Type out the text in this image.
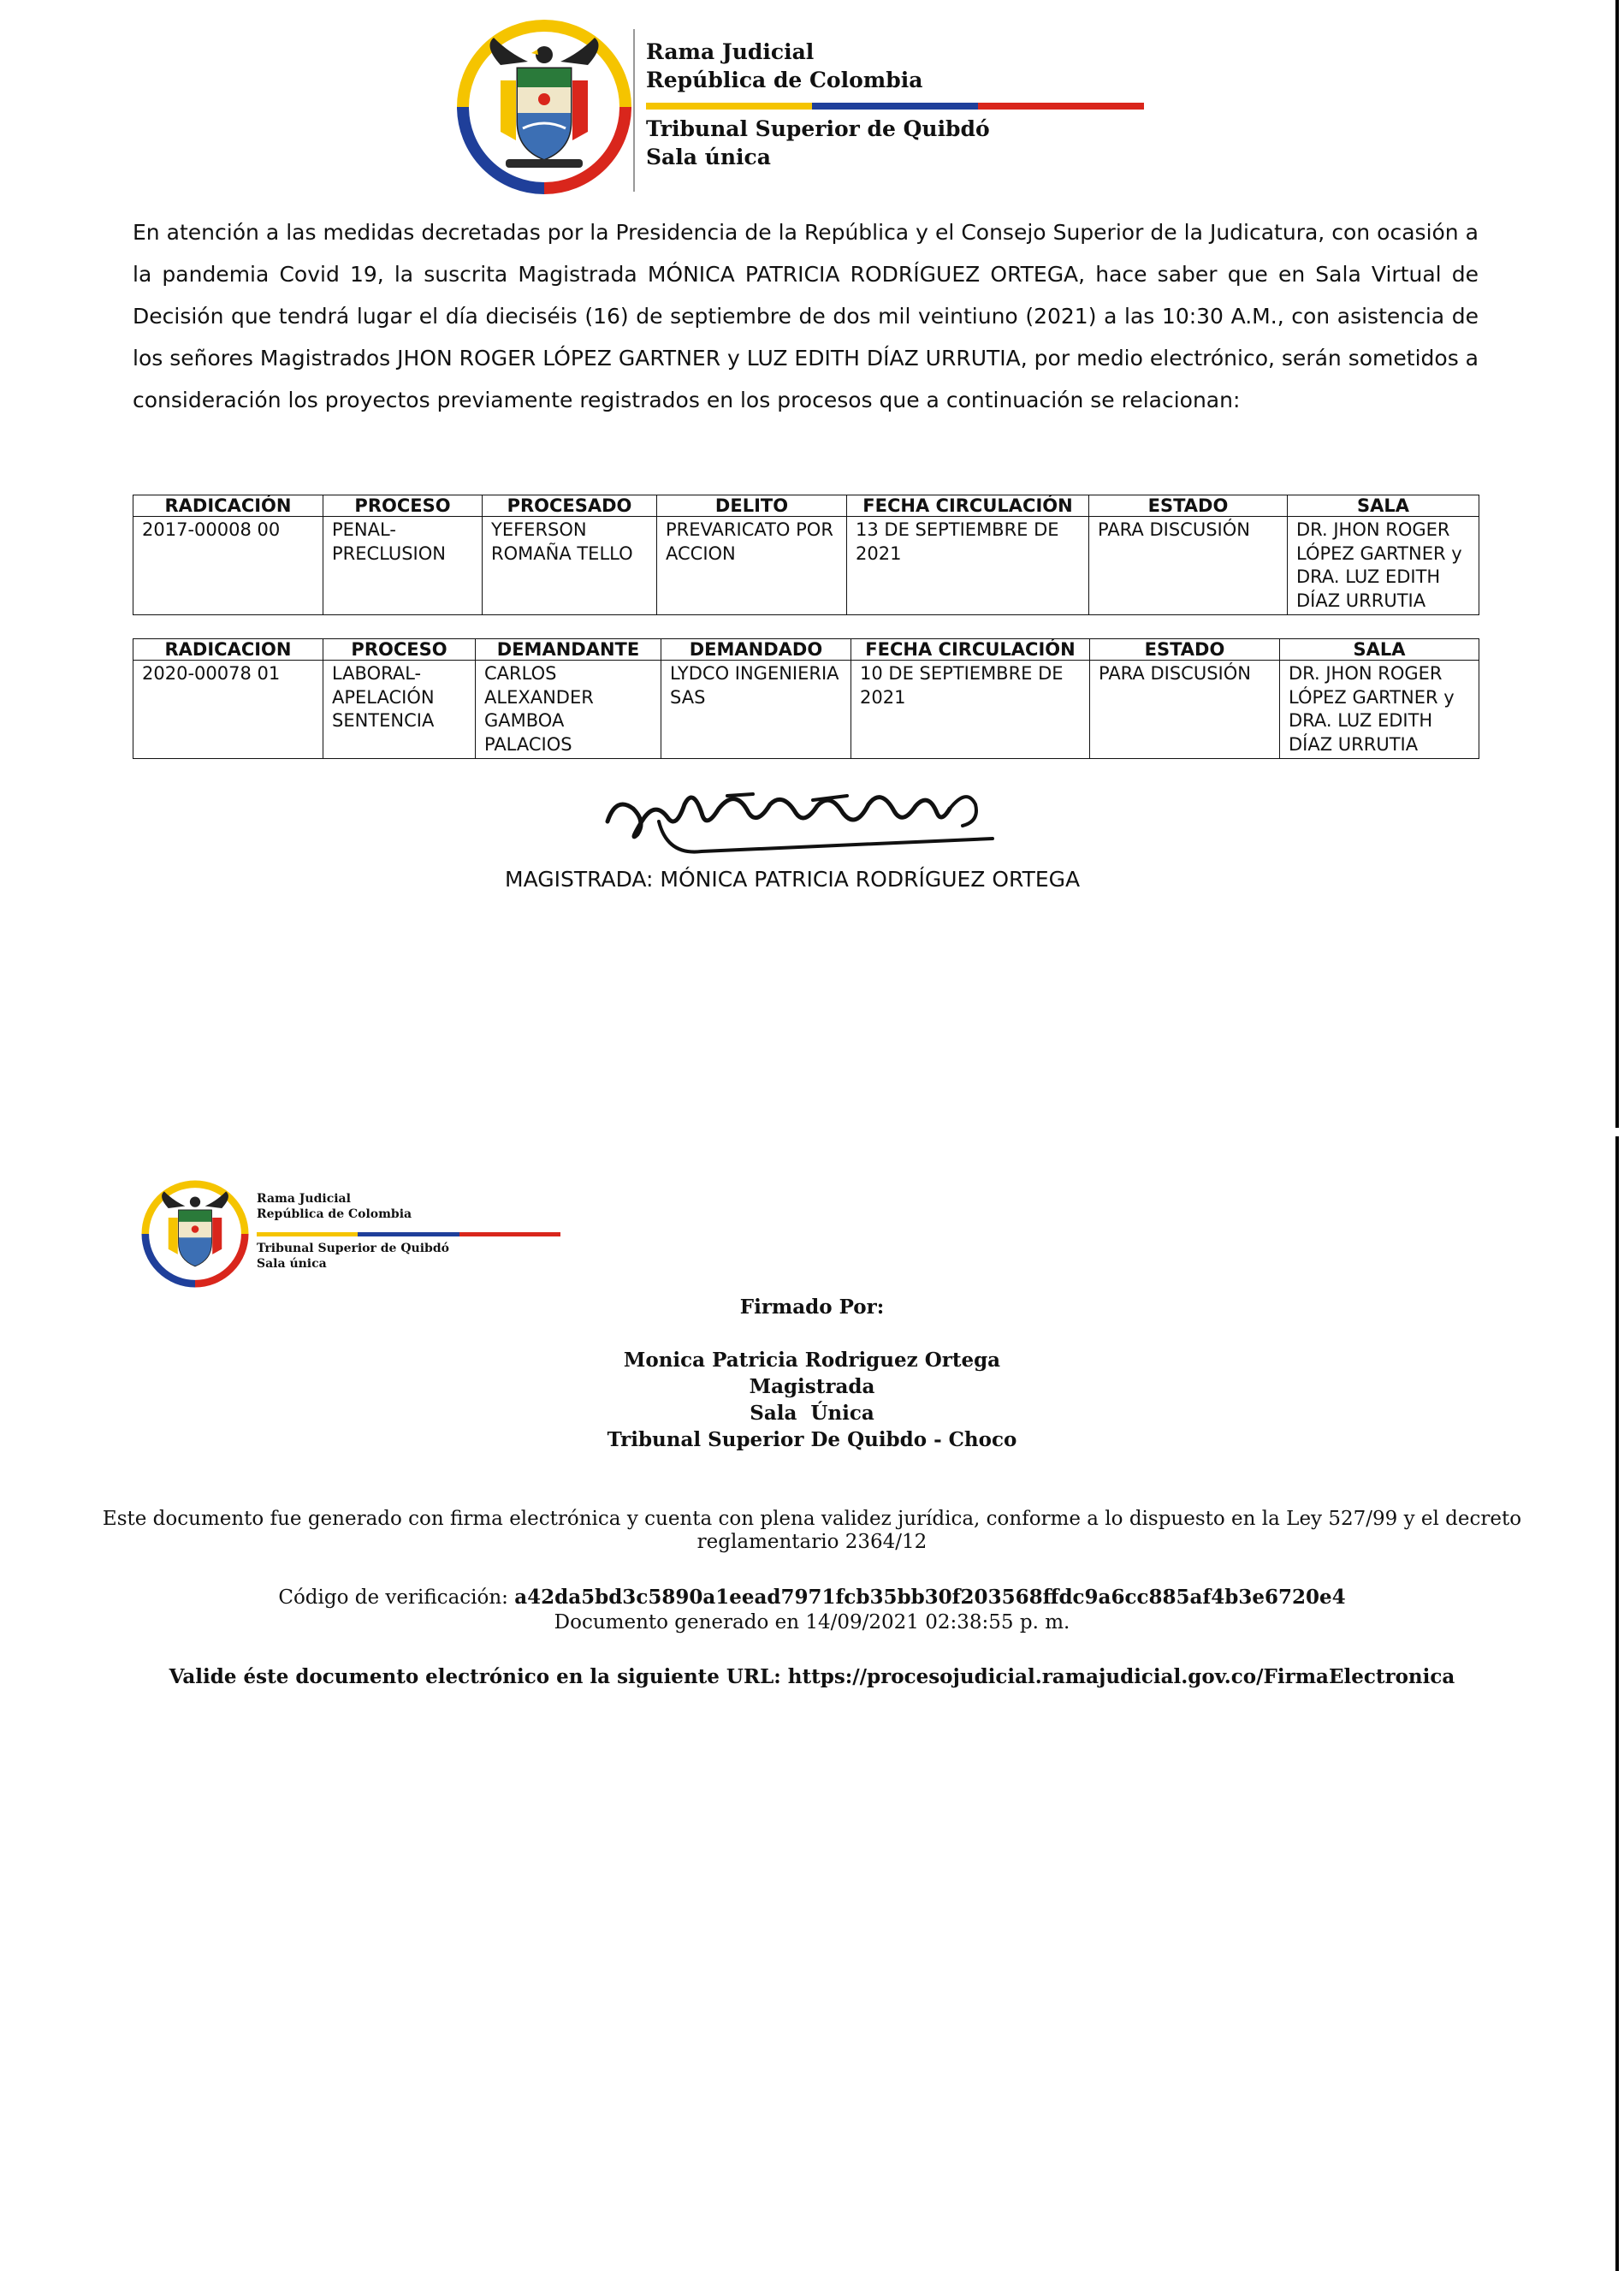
Rama Judicial
República de Colombia
Tribunal Superior de Quibdó
Sala única

En atención a las medidas decretadas por la Presidencia de la República y el Consejo Superior de la Judicatura, con ocasión a la pandemia Covid 19, la suscrita Magistrada MÓNICA PATRICIA RODRÍGUEZ ORTEGA, hace saber que en Sala Virtual de Decisión que tendrá lugar el día dieciséis (16) de septiembre de dos mil veintiuno (2021) a las 10:30 A.M., con asistencia de los señores Magistrados JHON ROGER LÓPEZ GARTNER y LUZ EDITH DÍAZ URRUTIA, por medio electrónico, serán sometidos a consideración los proyectos previamente registrados en los procesos que a continuación se relacionan:

RADICACIÓN	PROCESO	PROCESADO	DELITO	FECHA CIRCULACIÓN	ESTADO	SALA
2017-00008 00	PENAL- PRECLUSION	YEFERSON ROMAÑA TELLO	PREVARICATO POR ACCION	13 DE SEPTIEMBRE DE 2021	PARA DISCUSIÓN	DR. JHON ROGER LÓPEZ GARTNER y DRA. LUZ EDITH DÍAZ URRUTIA
RADICACION	PROCESO	DEMANDANTE	DEMANDADO	FECHA CIRCULACIÓN	ESTADO	SALA
2020-00078 01	LABORAL- APELACIÓN SENTENCIA	CARLOS ALEXANDER GAMBOA PALACIOS	LYDCO INGENIERIA SAS	10 DE SEPTIEMBRE DE 2021	PARA DISCUSIÓN	DR. JHON ROGER LÓPEZ GARTNER y DRA. LUZ EDITH DÍAZ URRUTIA
MAGISTRADA: MÓNICA PATRICIA RODRÍGUEZ ORTEGA
Rama Judicial
República de Colombia
Tribunal Superior de Quibdó
Sala única
Firmado Por:
Monica Patricia Rodriguez Ortega
Magistrada
Sala  Única
Tribunal Superior De Quibdo - Choco
Este documento fue generado con firma electrónica y cuenta con plena validez jurídica, conforme a lo dispuesto en la Ley 527/99 y el decreto
reglamentario 2364/12
Código de verificación: a42da5bd3c5890a1eead7971fcb35bb30f203568ffdc9a6cc885af4b3e6720e4
Documento generado en 14/09/2021 02:38:55 p. m.
Valide éste documento electrónico en la siguiente URL: https://procesojudicial.ramajudicial.gov.co/FirmaElectronica
